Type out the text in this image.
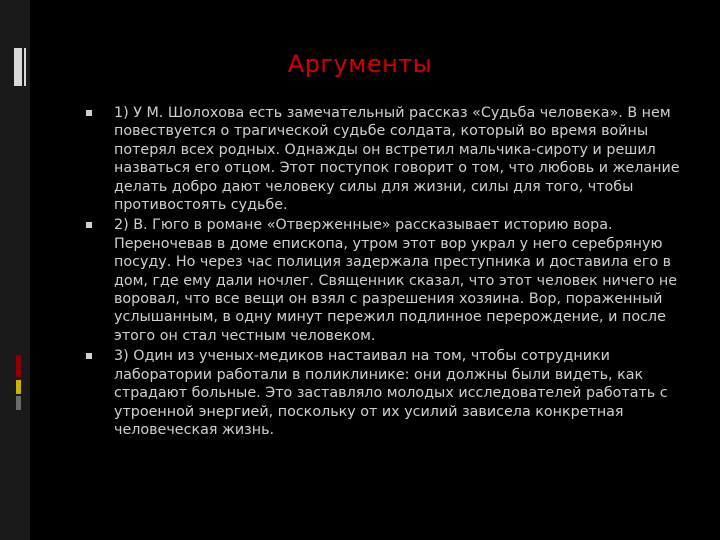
Аргументы
1) У М. Шолохова есть замечательный рассказ «Судьба человека». В нем повествуется о трагической судьбе солдата, который во время войны потерял всех родных. Однажды он встретил мальчика-сироту и решил назваться его отцом. Этот поступок говорит о том, что любовь и желание делать добро дают человеку силы для жизни, силы для того, чтобы противостоять судьбе.
2) В. Гюго в романе «Отверженные» рассказывает историю вора. Переночевав в доме епископа, утром этот вор украл у него серебряную посуду. Но через час полиция задержала преступника и доставила его в дом, где ему дали ночлег. Священник сказал, что этот человек ничего не воровал, что все вещи он взял с разрешения хозяина. Вор, пораженный услышанным, в одну минут пережил подлинное перерождение, и после этого он стал честным человеком.
3) Один из ученых-медиков настаивал на том, чтобы сотрудники лаборатории работали в поликлинике: они должны были видеть, как страдают больные. Это заставляло молодых исследователей работать с утроенной энергией, поскольку от их усилий зависела конкретная человеческая жизнь.
